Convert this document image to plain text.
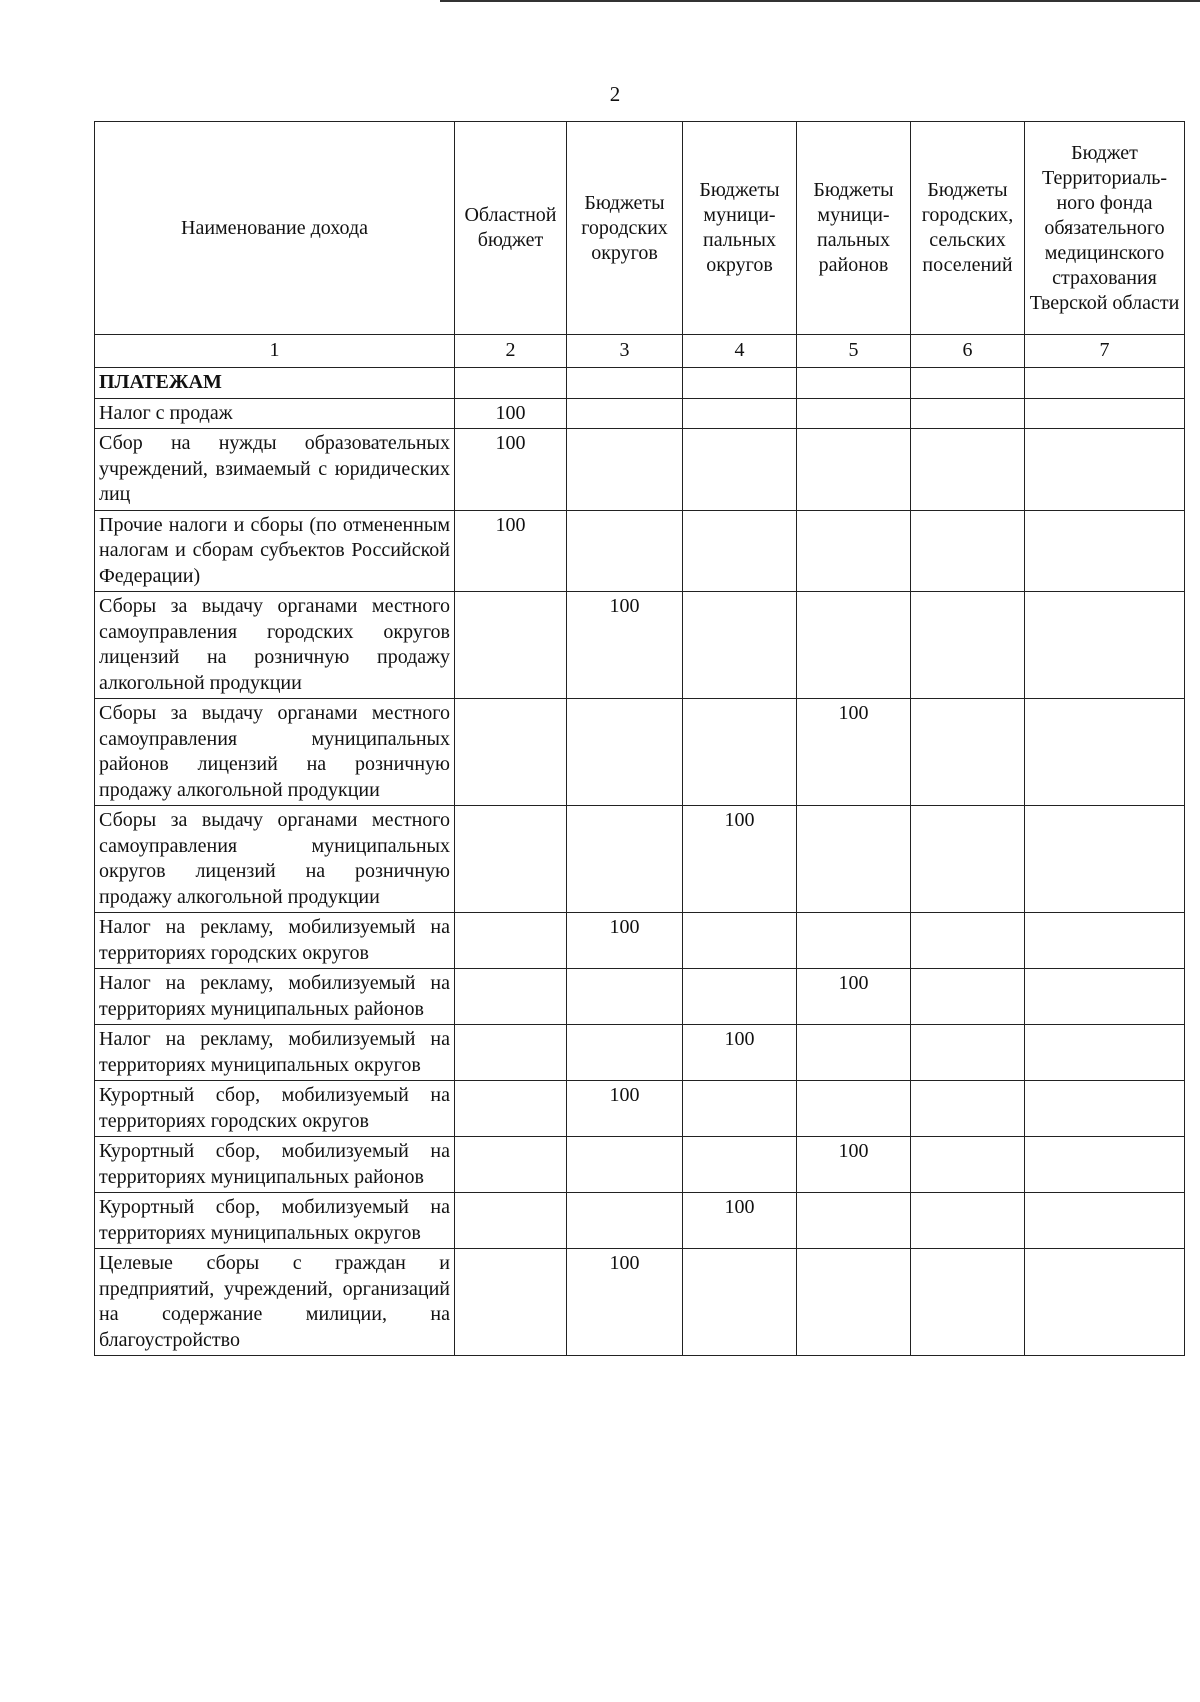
2
Наименование дохода	Областной бюджет	Бюджеты городских округов	Бюджеты муници-пальных округов	Бюджеты муници-пальных районов	Бюджеты городских, сельских поселений	Бюджет Территориаль-ного фонда обязательного медицинского страхования Тверской области
1	2	3	4	5	6	7
ПЛАТЕЖАМ						
Налог с продаж	100					
Сбор на нужды образовательных учреждений, взимаемый с юридических лиц	100					
Прочие налоги и сборы (по отмененным налогам и сборам субъектов Российской Федерации)	100					
Сборы за выдачу органами местного самоуправления городских округов лицензий на розничную продажу алкогольной продукции		100				
Сборы за выдачу органами местного самоуправления муниципальных районов лицензий на розничную продажу алкогольной продукции				100		
Сборы за выдачу органами местного самоуправления муниципальных округов лицензий на розничную продажу алкогольной продукции			100			
Налог на рекламу, мобилизуемый на территориях городских округов		100				
Налог на рекламу, мобилизуемый на территориях муниципальных районов				100		
Налог на рекламу, мобилизуемый на территориях муниципальных округов			100			
Курортный сбор, мобилизуемый на территориях городских округов		100				
Курортный сбор, мобилизуемый на территориях муниципальных районов				100		
Курортный сбор, мобилизуемый на территориях муниципальных округов			100			
Целевые сборы с граждан и предприятий, учреждений, организаций на содержание милиции, на благоустройство		100				
